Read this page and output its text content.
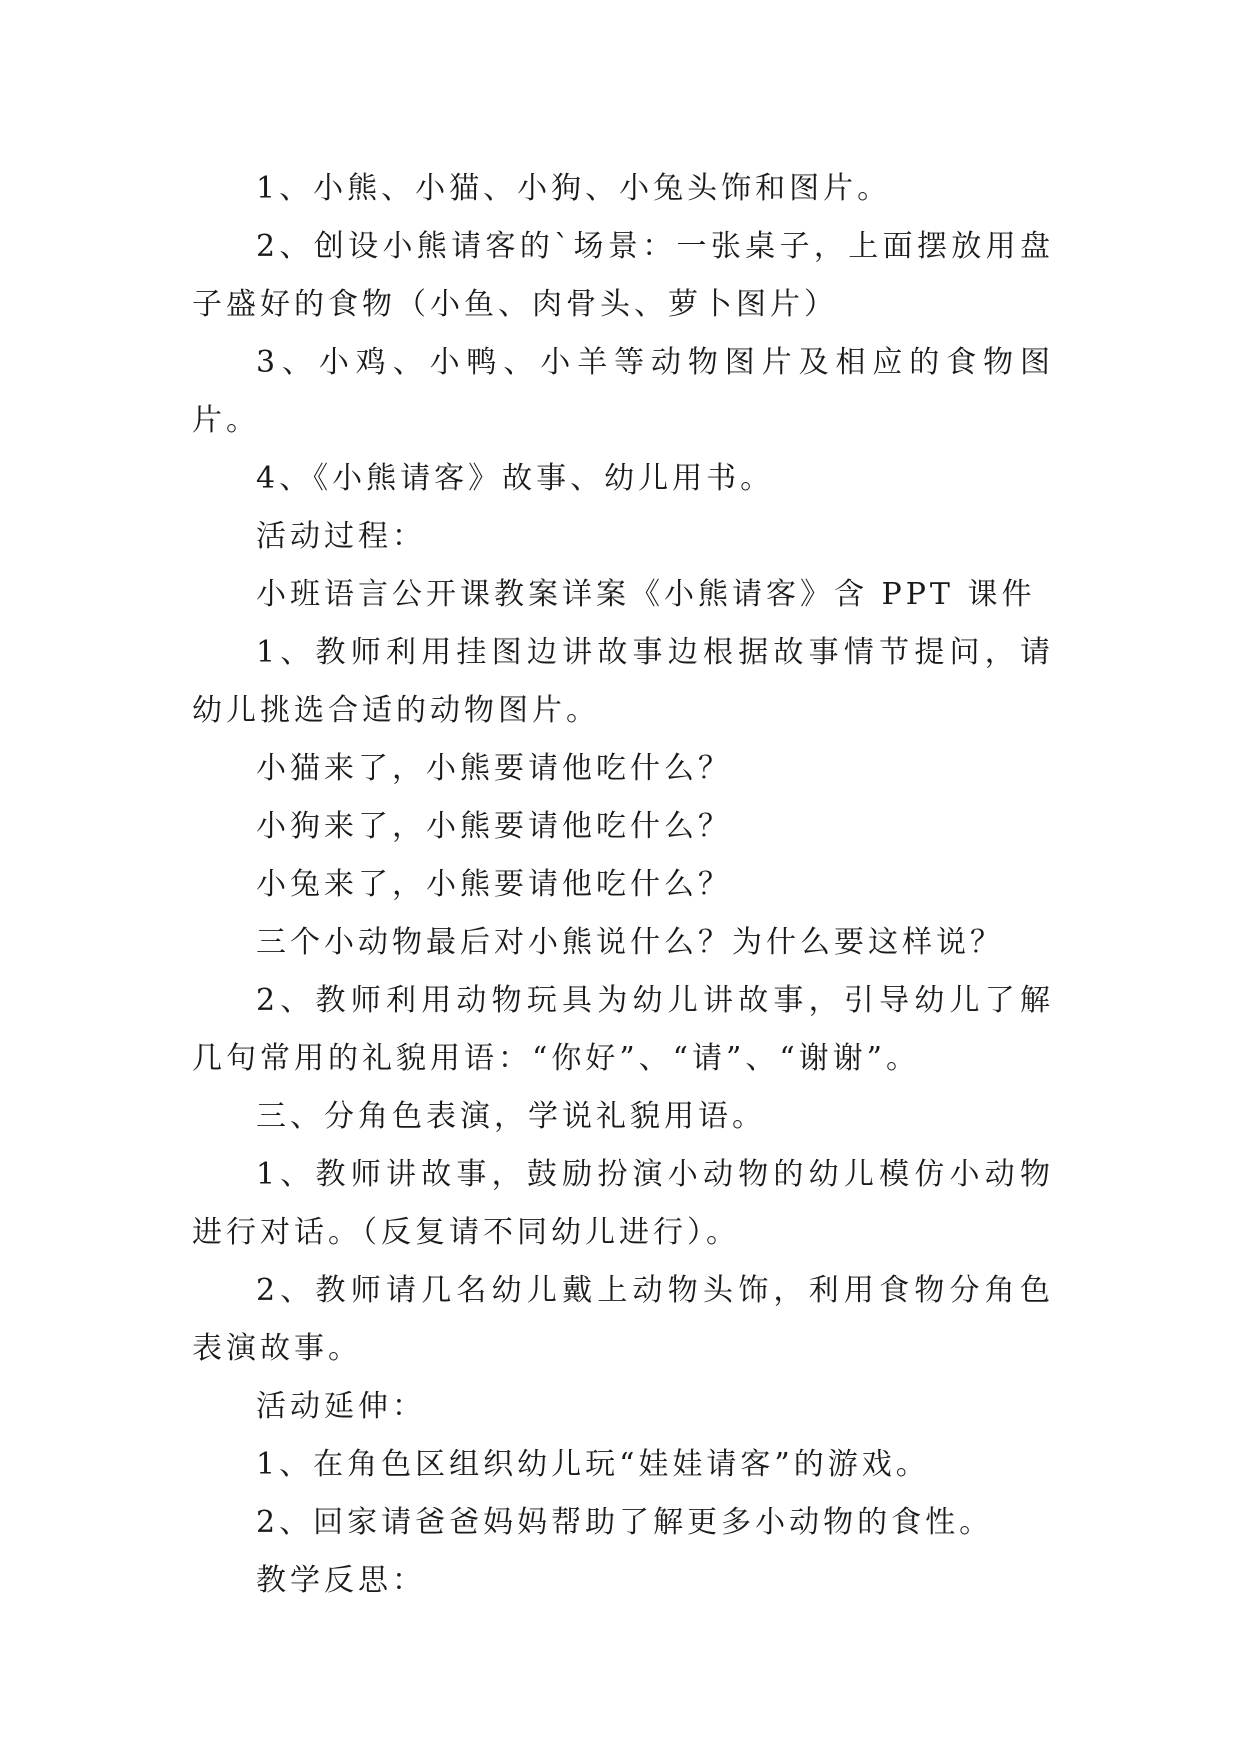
1、小熊、小猫、小狗、小兔头饰和图片。

2、创设小熊请客的`场景：一张桌子，上面摆放用盘子盛好的食物（小鱼、肉骨头、萝卜图片）

3、小鸡、小鸭、小羊等动物图片及相应的食物图片。

4、《小熊请客》故事、幼儿用书。

活动过程：

小班语言公开课教案详案《小熊请客》含 PPT 课件

1、教师利用挂图边讲故事边根据故事情节提问，请幼儿挑选合适的动物图片。

小猫来了，小熊要请他吃什么？

小狗来了，小熊要请他吃什么？

小兔来了，小熊要请他吃什么？

三个小动物最后对小熊说什么？为什么要这样说？

2、教师利用动物玩具为幼儿讲故事，引导幼儿了解几句常用的礼貌用语：“你好”、“请”、“谢谢”。

三、分角色表演，学说礼貌用语。

1、教师讲故事，鼓励扮演小动物的幼儿模仿小动物进行对话。（反复请不同幼儿进行）。

2、教师请几名幼儿戴上动物头饰，利用食物分角色表演故事。

活动延伸：

1、在角色区组织幼儿玩“娃娃请客”的游戏。

2、回家请爸爸妈妈帮助了解更多小动物的食性。

教学反思：
